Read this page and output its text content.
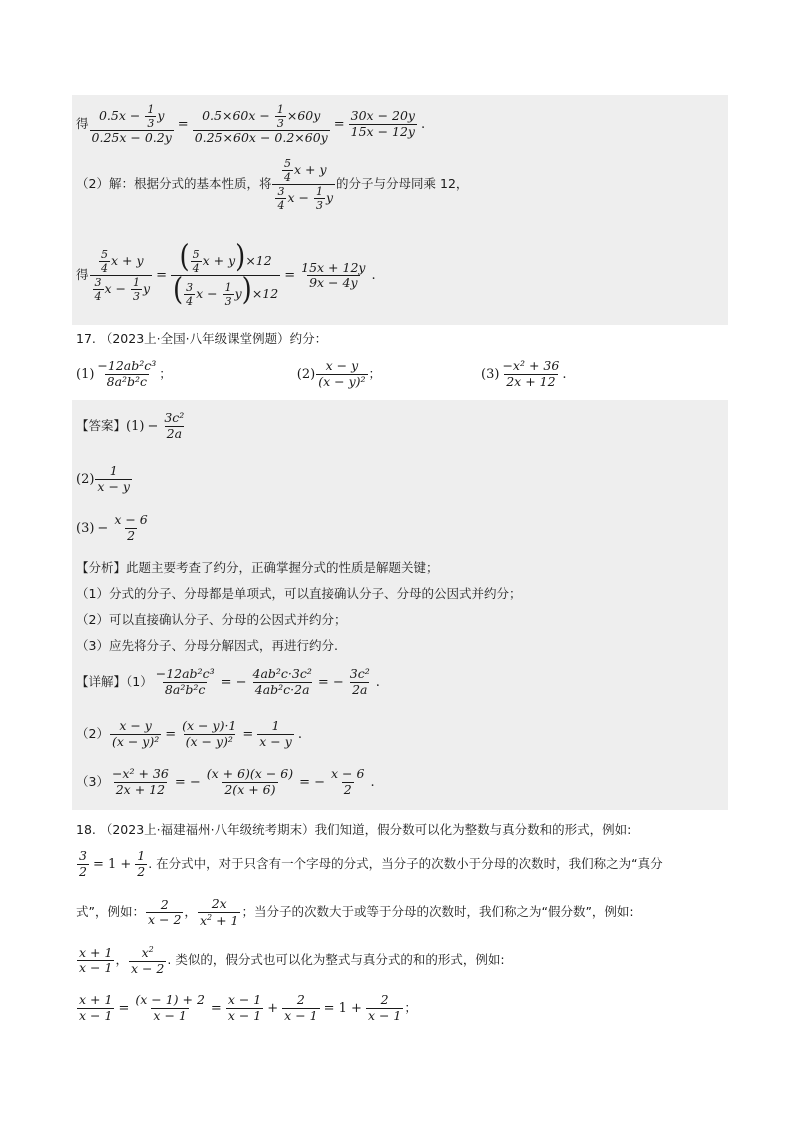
得 $\frac{0.5x - \frac{1}{3} y}{0.25x - 0.2y} = \frac{0.5\times 60x - \frac{1}{3} \times 60y}{0.25\times 60x - 0.2\times 60y} = \frac{30x - 20y}{15x - 12y}$ .
（2）解：根据分式的基本性质，将 $\frac{\frac{5}{4} x + y}{\frac{3}{4} x - \frac{1}{3} y}$ 的分子与分母同乘 12，
得 $\frac{\frac{5}{4} x + y}{\frac{3}{4} x - \frac{1}{3} y} = \frac{( \frac{5}{4} x + y)\times 12}{( \frac{3}{4} x - \frac{1}{3} y)\times 12} = \frac{15x + 12y}{9x - 4y}$ .
17. （2023上·全国·八年级课堂例题）约分：
$(1) \frac{\text{−12ab²c³}}{\text{8a²b²c}}$ ；	$(2) \frac{x - y}{\text{(x − y)²}}$ ；	$(3) \frac{\text{−x² + 36}}{2x + 12}$ .
【答案】 $(1) - \frac{\text{3c²}}{2a}$
$(2) \frac{1}{x - y}$
$(3) - \frac{x - 6}{2}$
【分析】此题主要考查了约分，正确掌握分式的性质是解题关键；
（1）分式的分子、分母都是单项式，可以直接确认分子、分母的公因式并约分；
（2）可以直接确认分子、分母的公因式并约分；
（3）应先将分子、分母分解因式，再进行约分.
【详解】$(1) \frac{\text{−12ab²c³}}{\text{8a²b²c}}$ = − $\frac{\text{4ab²c·3c²}}{\text{4ab²c·2a}}$ = − $\frac{\text{3c²}}{2a}$ .
$(2) \frac{x - y}{\text{(x − y)²}} = \frac{(x - y)\cdot 1}{\text{(x − y)²}} = \frac{1}{x - y}$ .
$(3) \frac{\text{−x² + 36}}{2x + 12}$ = − $\frac{(x + 6)(x - 6)}{2(x + 6)}$ = − $\frac{x - 6}{2}$ .
18. （2023上·福建福州·八年级统考期末）我们知道，假分数可以化为整数与真分数和的形式，例如:
$\frac{3}{2} = 1 + \frac{1}{2}$ . 在分式中，对于只含有一个字母的分式，当分子的次数小于分母的次数时，我们称之为“真分
式”，例如： $\frac{2}{x - 2}$ ， $\frac{2x}{x^2 + 1}$ ；当分子的次数大于或等于分母的次数时，我们称之为“假分数”，例如:
$\frac{x + 1}{x - 1}$ ， $\frac{x^2}{x - 2}$ . 类似的，假分式也可以化为整式与真分式的和的形式，例如:
$\frac{x + 1}{x - 1} = \frac{(x - 1) + 2}{x - 1} = \frac{x - 1}{x - 1} + \frac{2}{x - 1} = 1 + \frac{2}{x - 1}$ ；
